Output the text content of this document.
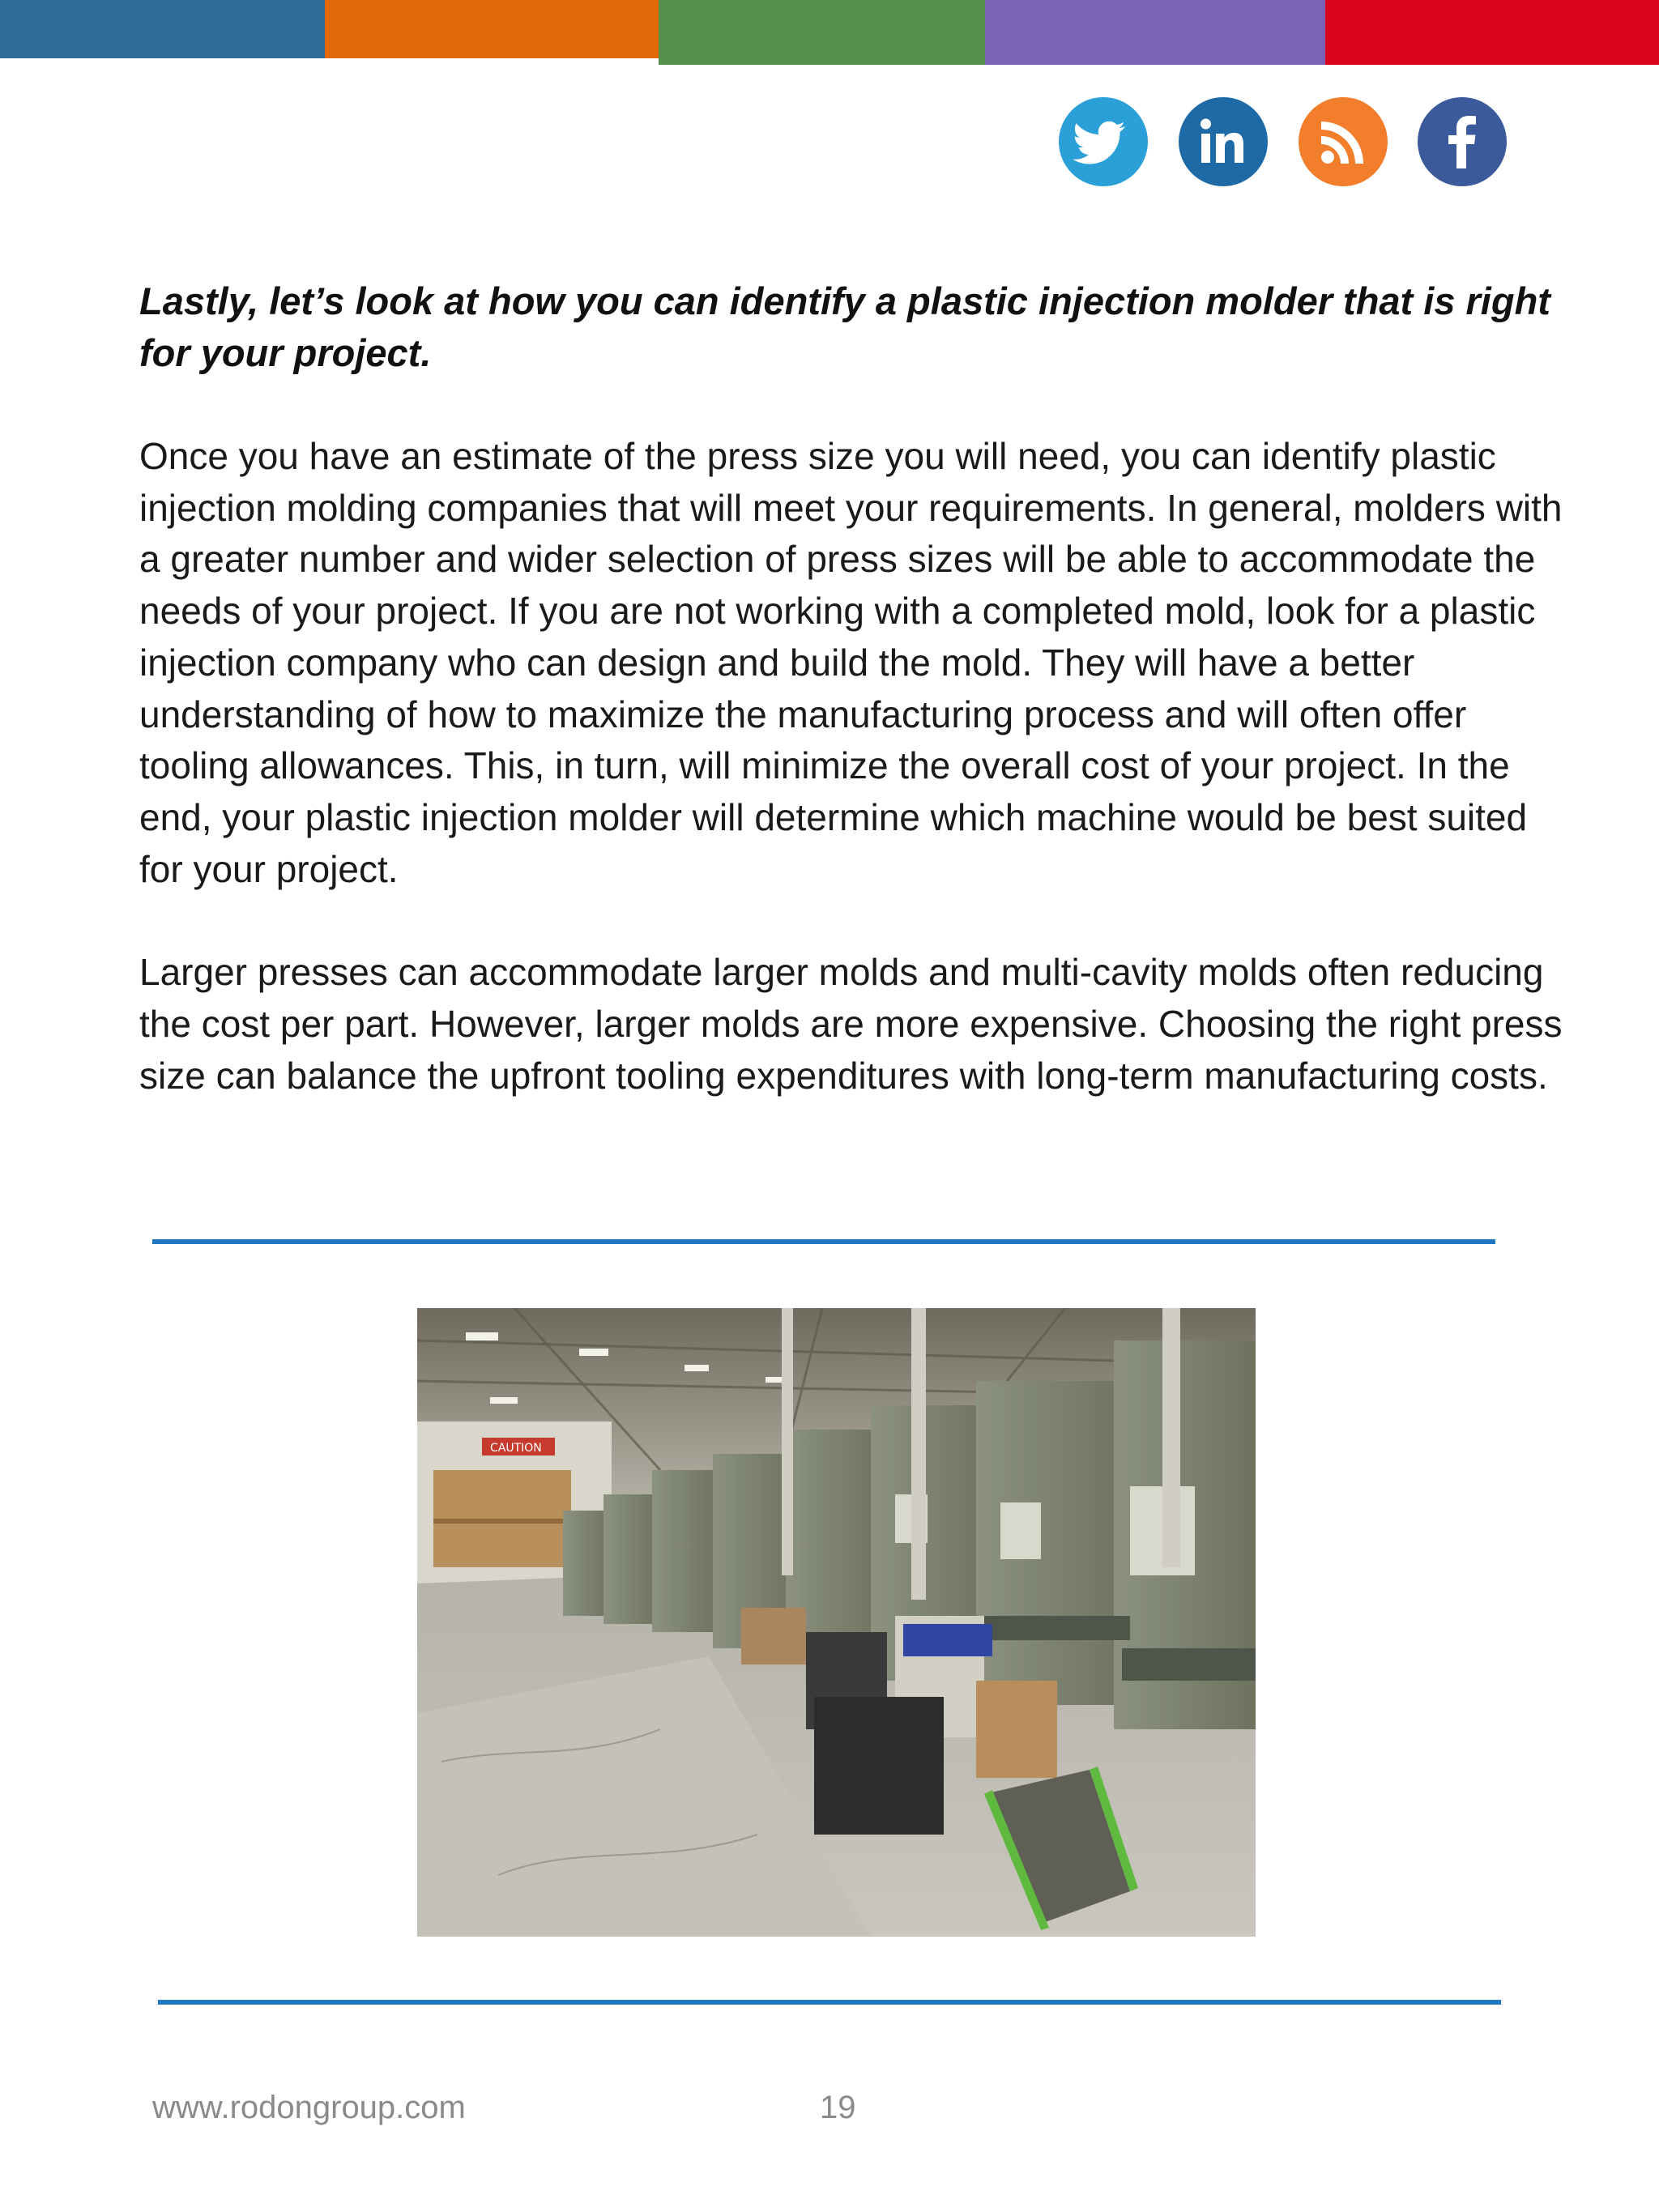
Lastly, let’s look at how you can identify a plastic injection molder that is right for your project.

Once you have an estimate of the press size you will need, you can identify plastic injection molding companies that will meet your requirements. In general, molders with a greater number and wider selection of press sizes will be able to accommodate the needs of your project. If you are not working with a completed mold, look for a plastic injection company who can design and build the mold. They will have a better understanding of how to maximize the manufacturing process and will often offer tooling allowances. This, in turn, will minimize the overall cost of your project. In the end, your plastic injection molder will determine which machine would be best suited for your project.

Larger presses can accommodate larger molds and multi-cavity molds often reducing the cost per part. However, larger molds are more expensive. Choosing the right press size can balance the upfront tooling expenditures with long-term manufacturing costs.

CAUTION
www.rodongroup.com	19
